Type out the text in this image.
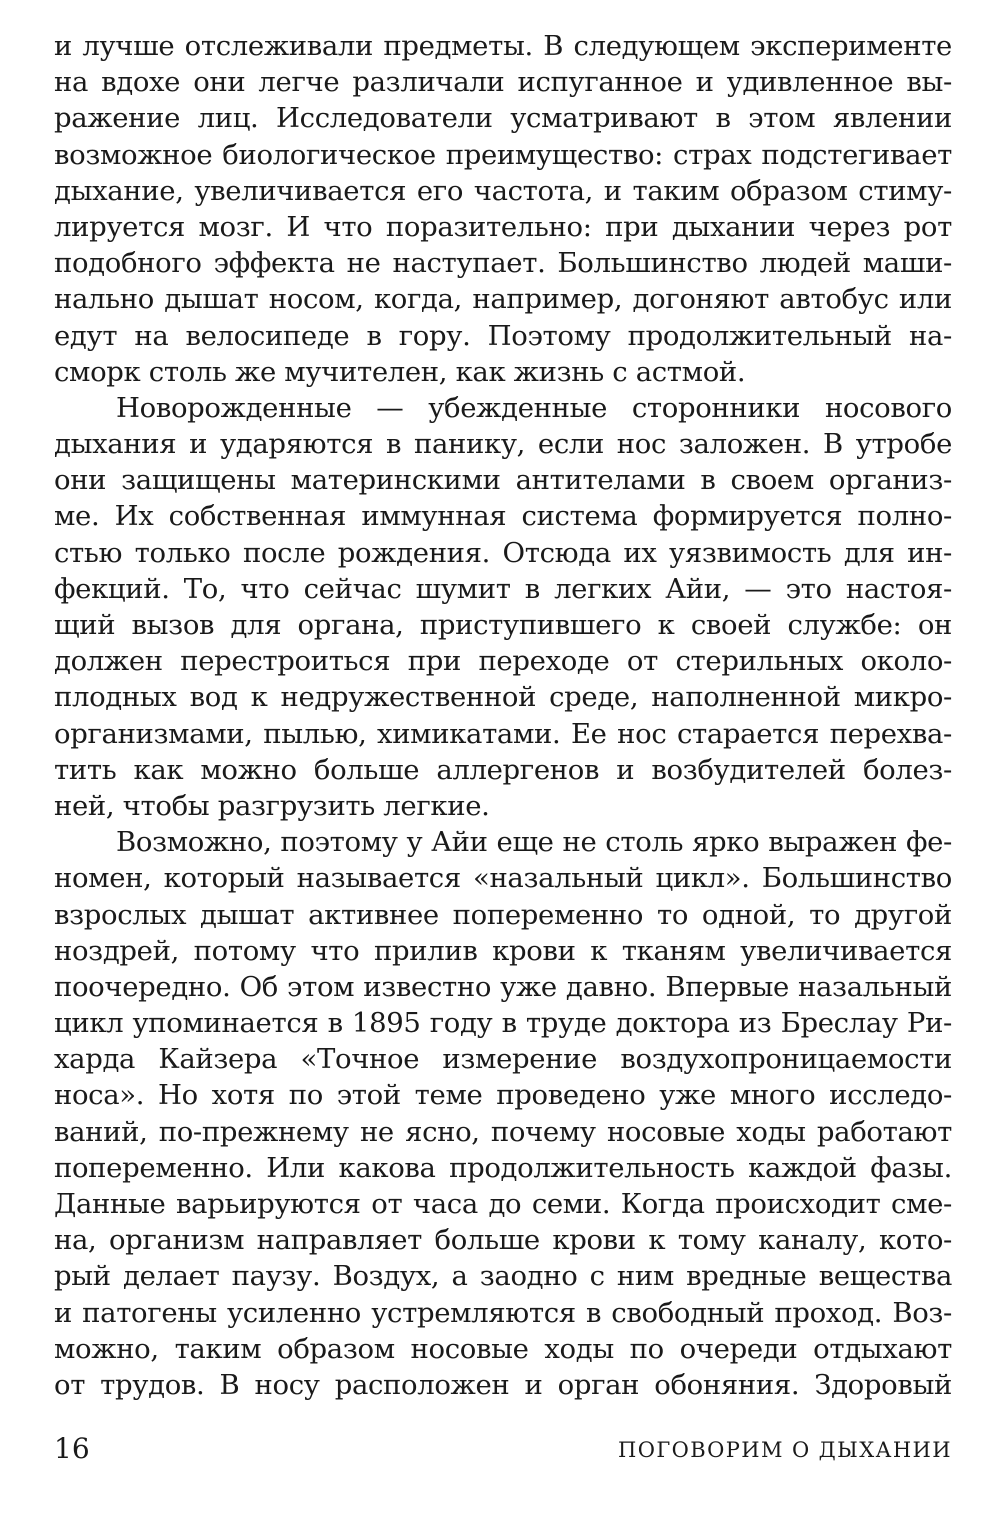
и лучше отслеживали предметы. В следующем эксперименте
на вдохе они легче различали испуганное и удивленное вы-
ражение лиц. Исследователи усматривают в этом явлении
возможное биологическое преимущество: страх подстегивает
дыхание, увеличивается его частота, и таким образом стиму-
лируется мозг. И что поразительно: при дыхании через рот
подобного эффекта не наступает. Большинство людей маши-
нально дышат носом, когда, например, догоняют автобус или
едут на велосипеде в гору. Поэтому продолжительный на-
сморк столь же мучителен, как жизнь с астмой.
Новорожденные — убежденные сторонники носового
дыхания и ударяются в панику, если нос заложен. В утробе
они защищены материнскими антителами в своем организ-
ме. Их собственная иммунная система формируется полно-
стью только после рождения. Отсюда их уязвимость для ин-
фекций. То, что сейчас шумит в легких Айи, — это настоя-
щий вызов для органа, приступившего к своей службе: он
должен перестроиться при переходе от стерильных около-
плодных вод к недружественной среде, наполненной микро-
организмами, пылью, химикатами. Ее нос старается перехва-
тить как можно больше аллергенов и возбудителей болез-
ней, чтобы разгрузить легкие.
Возможно, поэтому у Айи еще не столь ярко выражен фе-
номен, который называется «назальный цикл». Большинство
взрослых дышат активнее попеременно то одной, то другой
ноздрей, потому что прилив крови к тканям увеличивается
поочередно. Об этом известно уже давно. Впервые назальный
цикл упоминается в 1895 году в труде доктора из Бреслау Ри-
харда Кайзера «Точное измерение воздухопроницаемости
носа». Но хотя по этой теме проведено уже много исследо-
ваний, по-прежнему не ясно, почему носовые ходы работают
попеременно. Или какова продолжительность каждой фазы.
Данные варьируются от часа до семи. Когда происходит сме-
на, организм направляет больше крови к тому каналу, кото-
рый делает паузу. Воздух, а заодно с ним вредные вещества
и патогены усиленно устремляются в свободный проход. Воз-
можно, таким образом носовые ходы по очереди отдыхают
от трудов. В носу расположен и орган обоняния. Здоровый
16	ПОГОВОРИМ О ДЫХАНИИ
